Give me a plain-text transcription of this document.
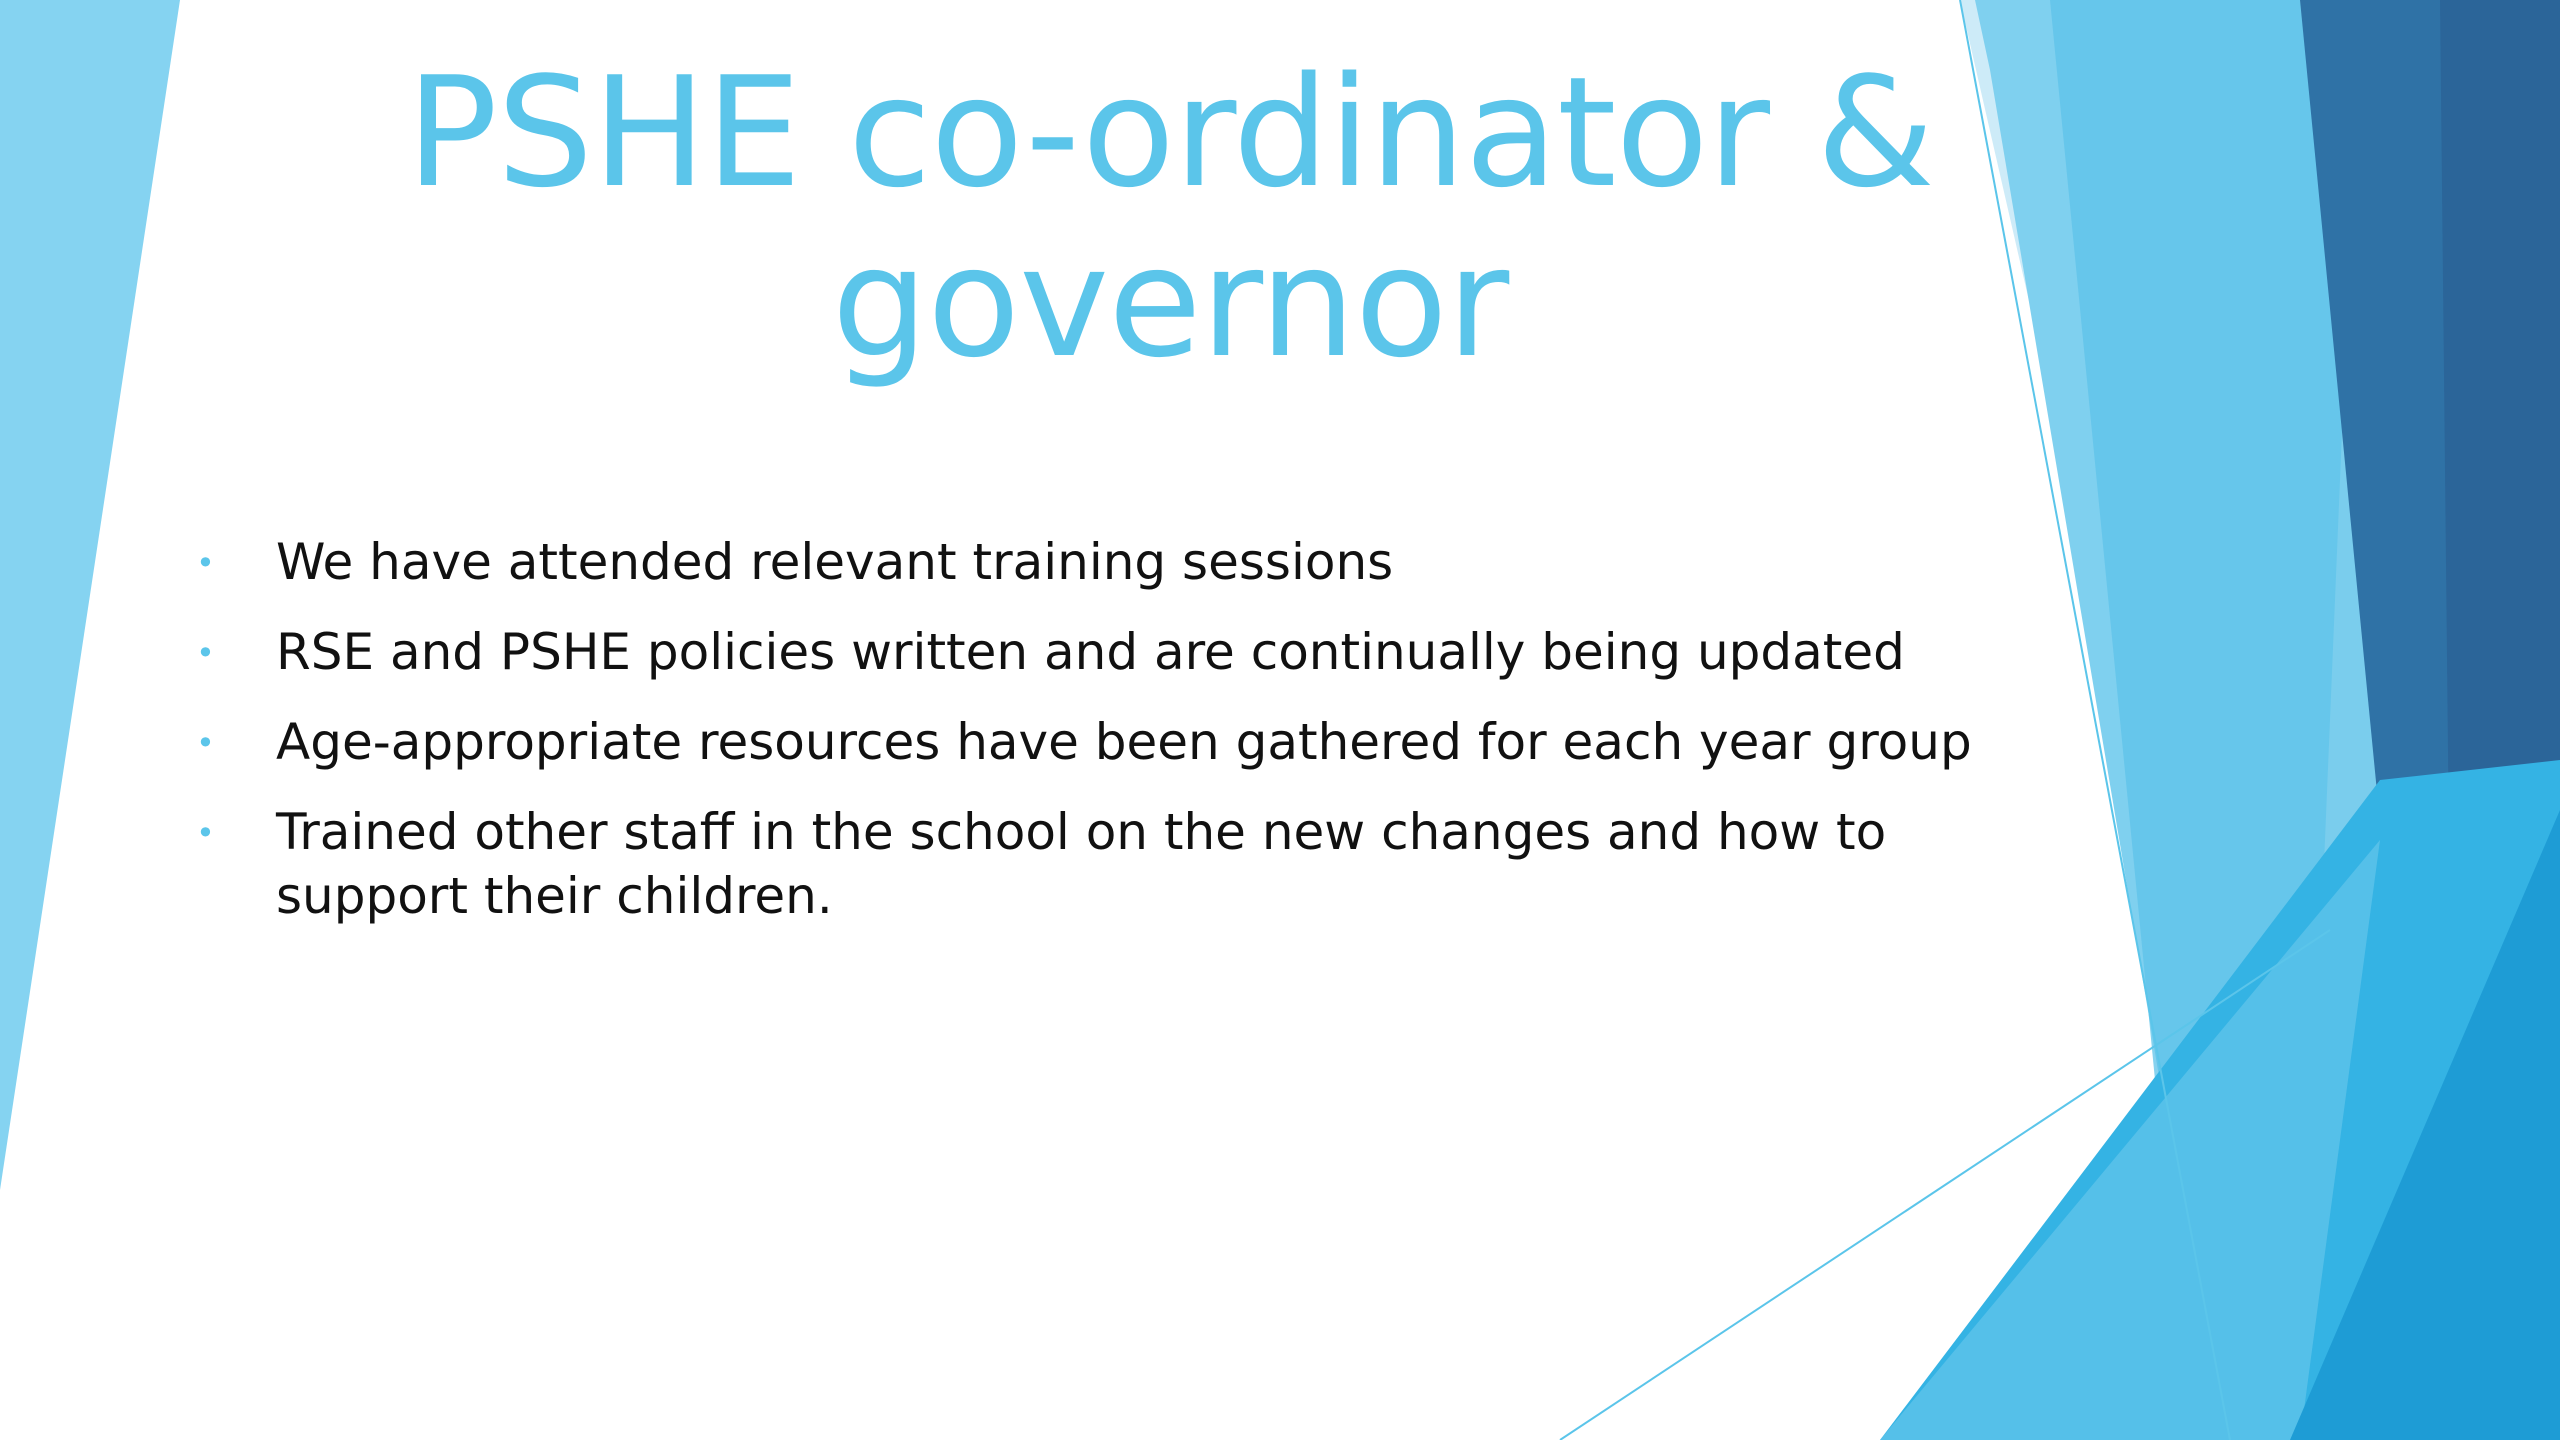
PSHE co-ordinator &
governor
• We have attended relevant training sessions
• RSE and PSHE policies written and are continually being updated
• Age-appropriate resources have been gathered for each year group
• Trained other staff in the school on the new changes and how to support their children.
